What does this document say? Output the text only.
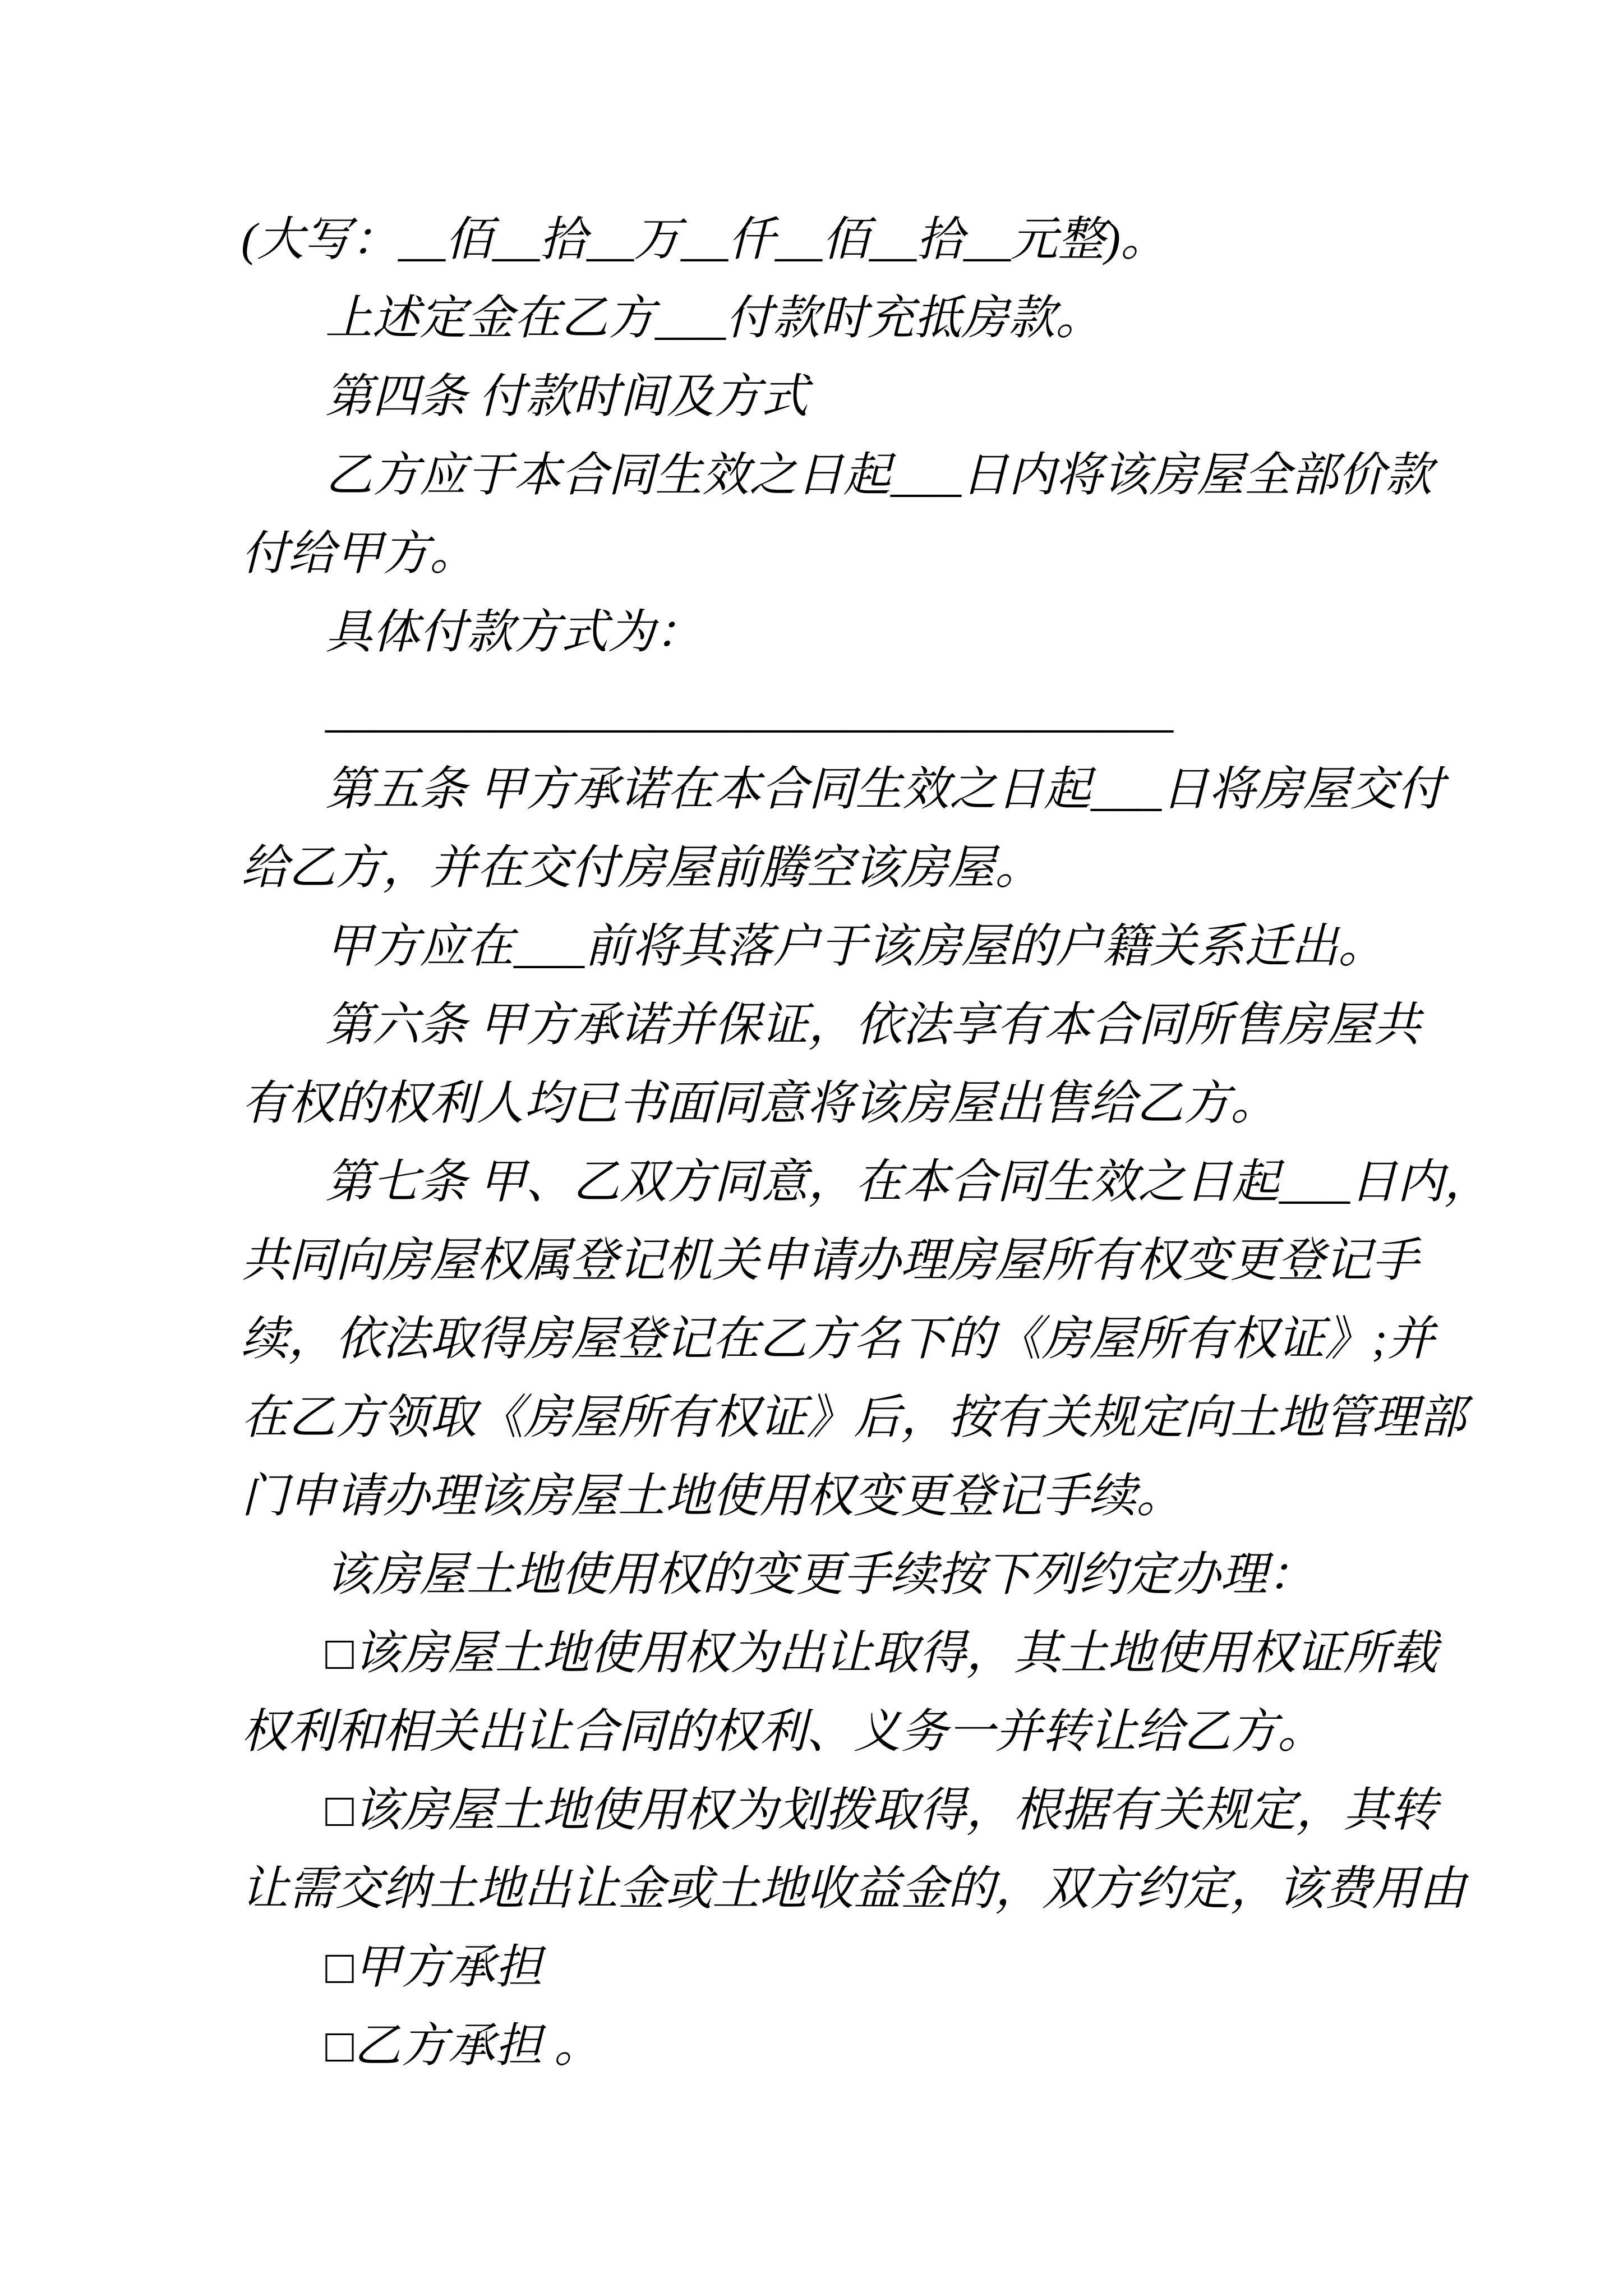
(大写：__佰__拾__万__仟__佰__拾__元整)。
上述定金在乙方___付款时充抵房款。
第四条 付款时间及方式
乙方应于本合同生效之日起___日内将该房屋全部价款
付给甲方。
具体付款方式为：
____________________________________
第五条 甲方承诺在本合同生效之日起___日将房屋交付
给乙方，并在交付房屋前腾空该房屋。
甲方应在___前将其落户于该房屋的户籍关系迁出。
第六条 甲方承诺并保证，依法享有本合同所售房屋共
有权的权利人均已书面同意将该房屋出售给乙方。
第七条 甲、乙双方同意，在本合同生效之日起___日内，
共同向房屋权属登记机关申请办理房屋所有权变更登记手
续，依法取得房屋登记在乙方名下的《房屋所有权证》;并
在乙方领取《房屋所有权证》后，按有关规定向土地管理部
门申请办理该房屋土地使用权变更登记手续。
该房屋土地使用权的变更手续按下列约定办理：
□该房屋土地使用权为出让取得，其土地使用权证所载
权利和相关出让合同的权利、义务一并转让给乙方。
□该房屋土地使用权为划拨取得，根据有关规定，其转
让需交纳土地出让金或土地收益金的，双方约定，该费用由
□甲方承担
□乙方承担 。
